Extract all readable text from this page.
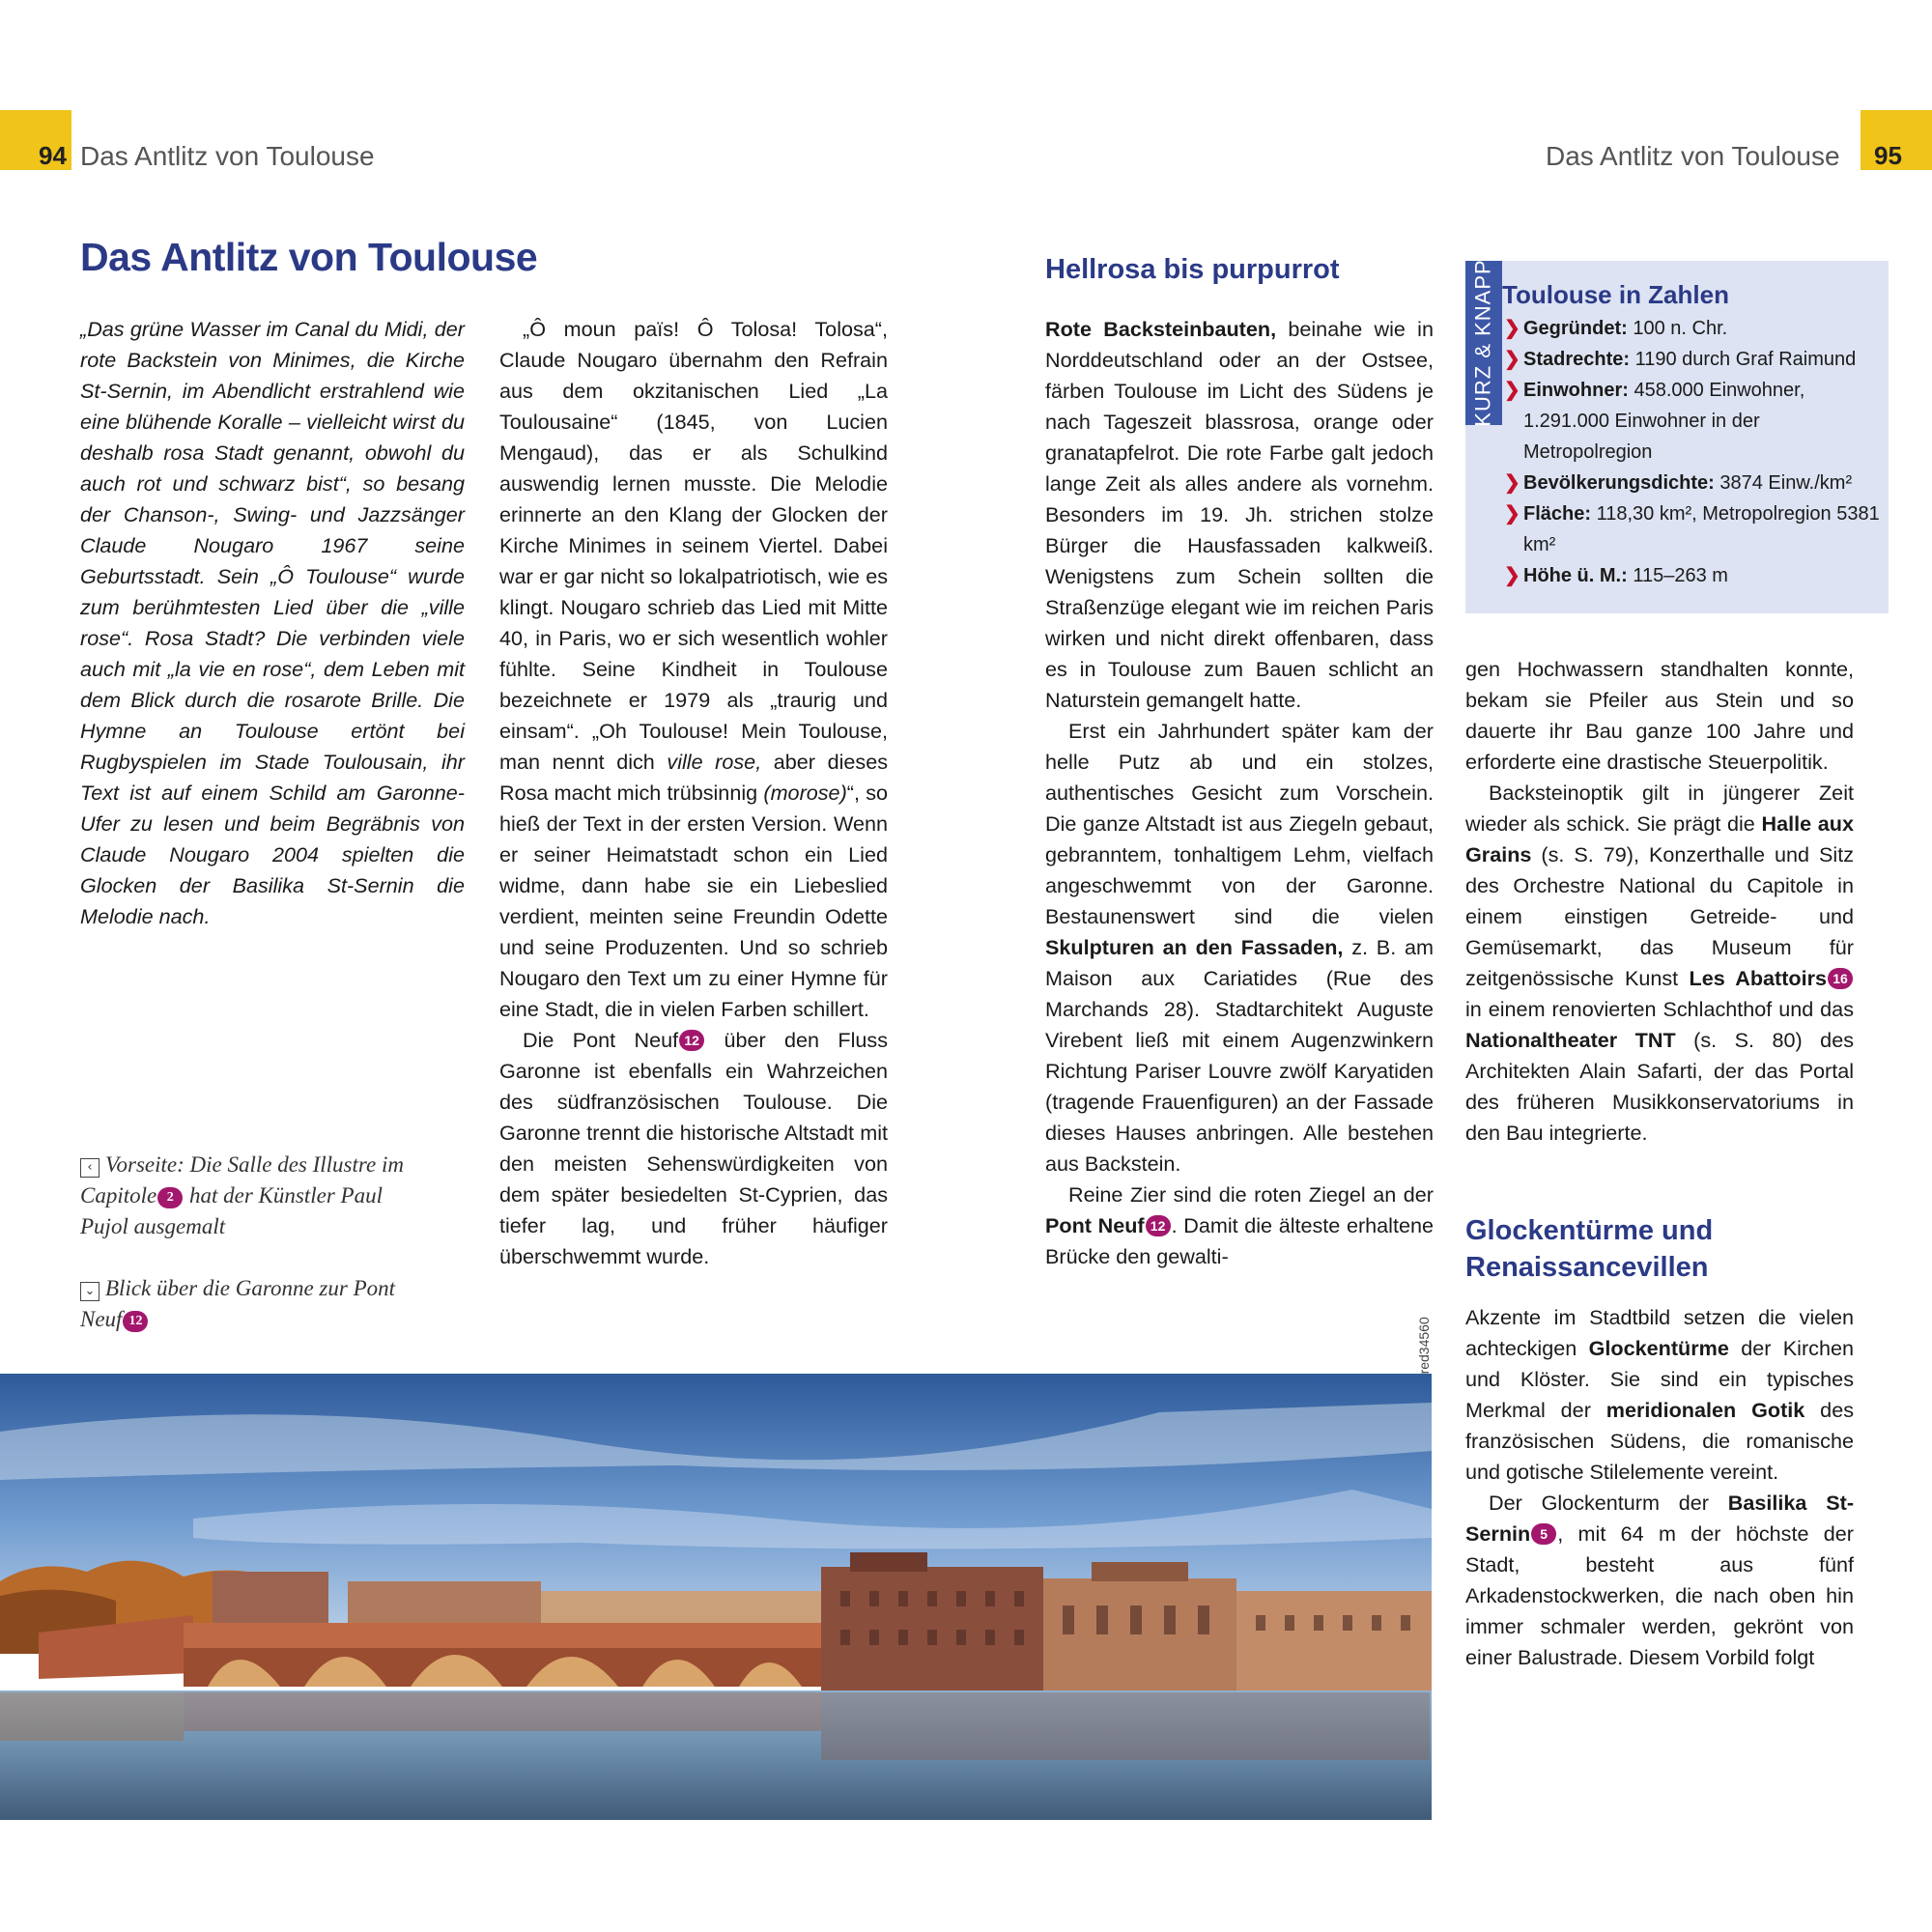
94 Das Antlitz von Toulouse	Das Antlitz von Toulouse 95
Das Antlitz von Toulouse

„Das grüne Wasser im Canal du Midi, der rote Backstein von Minimes, die Kirche St-Sernin, im Abendlicht erstrahlend wie eine blühende Koralle – vielleicht wirst du deshalb rosa Stadt genannt, obwohl du auch rot und schwarz bist“, so besang der Chanson-, Swing- und Jazzsänger Claude Nougaro 1967 seine Geburtsstadt. Sein „Ô Toulouse“ wurde zum berühmtesten Lied über die „ville rose“. Rosa Stadt? Die verbinden viele auch mit „la vie en rose“, dem Leben mit dem Blick durch die rosarote Brille. Die Hymne an Toulouse ertönt bei Rugbyspielen im Stade Toulousain, ihr Text ist auf einem Schild am Garonne-Ufer zu lesen und beim Begräbnis von Claude Nougaro 2004 spielten die Glocken der Basilika St-Sernin die Melodie nach.

‹ Vorseite: Die Salle des Illustre im Capitole 2 hat der Künstler Paul Pujol ausgemalt
⌄ Blick über die Garonne zur Pont Neuf 12

„Ô moun païs! Ô Tolosa! Tolosa“, Claude Nougaro übernahm den Refrain aus dem okzitanischen Lied „La Toulousaine“ (1845, von Lucien Mengaud), das er als Schulkind auswendig lernen musste. Die Melodie erinnerte an den Klang der Glocken der Kirche Minimes in seinem Viertel. Dabei war er gar nicht so lokalpatriotisch, wie es klingt. Nougaro schrieb das Lied mit Mitte 40, in Paris, wo er sich wesentlich wohler fühlte. Seine Kindheit in Toulouse bezeichnete er 1979 als „traurig und einsam“. „Oh Toulouse! Mein Toulouse, man nennt dich ville rose, aber dieses Rosa macht mich trübsinnig (morose)“, so hieß der Text in der ersten Version. Wenn er seiner Heimatstadt schon ein Lied widme, dann habe sie ein Liebeslied verdient, meinten seine Freundin Odette und seine Produzenten. Und so schrieb Nougaro den Text um zu einer Hymne für eine Stadt, die in vielen Farben schillert.

Die Pont Neuf 12 über den Fluss Garonne ist ebenfalls ein Wahrzeichen des südfranzösischen Toulouse. Die Garonne trennt die historische Altstadt mit den meisten Sehenswürdigkeiten von dem später besiedelten St-Cyprien, das tiefer lag, und früher häufiger überschwemmt wurde.

Hellrosa bis purpurrot

Rote Backsteinbauten, beinahe wie in Norddeutschland oder an der Ostsee, färben Toulouse im Licht des Südens je nach Tageszeit blassrosa, orange oder granatapfelrot. Die rote Farbe galt jedoch lange Zeit als alles andere als vornehm. Besonders im 19. Jh. strichen stolze Bürger die Hausfassaden kalkweiß. Wenigstens zum Schein sollten die Straßenzüge elegant wie im reichen Paris wirken und nicht direkt offenbaren, dass es in Toulouse zum Bauen schlicht an Naturstein gemangelt hatte.

Erst ein Jahrhundert später kam der helle Putz ab und ein stolzes, authentisches Gesicht zum Vorschein. Die ganze Altstadt ist aus Ziegeln gebaut, gebranntem, tonhaltigem Lehm, vielfach angeschwemmt von der Garonne. Bestaunenswert sind die vielen Skulpturen an den Fassaden, z. B. am Maison aux Cariatides (Rue des Marchands 28). Stadtarchitekt Auguste Virebent ließ mit einem Augenzwinkern Richtung Pariser Louvre zwölf Karyatiden (tragende Frauenfiguren) an der Fassade dieses Hauses anbringen. Alle bestehen aus Backstein.

Reine Zier sind die roten Ziegel an der Pont Neuf 12 . Damit die älteste erhaltene Brücke den gewalti-

KURZ & KNAPP Toulouse in Zahlen
❯ Gegründet: 100 n. Chr.
❯ Stadrechte: 1190 durch Graf Raimund
❯ Einwohner: 458.000 Einwohner, 1.291.000 Einwohner in der Metropolregion
❯ Bevölkerungsdichte: 3874 Einw./km²
❯ Fläche: 118,30 km², Metropolregion 5381 km²
❯ Höhe ü. M.: 115–263 m

gen Hochwassern standhalten konnte, bekam sie Pfeiler aus Stein und so dauerte ihr Bau ganze 100 Jahre und erforderte eine drastische Steuerpolitik.

Backsteinoptik gilt in jüngerer Zeit wieder als schick. Sie prägt die Halle aux Grains (s. S. 79), Konzerthalle und Sitz des Orchestre National du Capitole in einem einstigen Getreide- und Gemüsemarkt, das Museum für zeitgenössische Kunst Les Abattoirs 16 in einem renovierten Schlachthof und das Nationaltheater TNT (s. S. 80) des Architekten Alain Safarti, der das Portal des früheren Musikkonservatoriums in den Bau integrierte.

Glockentürme und Renaissancevillen

Akzente im Stadtbild setzen die vielen achteckigen Glockentürme der Kirchen und Klöster. Sie sind ein typisches Merkmal der meridionalen Gotik des französischen Südens, die romanische und gotische Stilelemente vereint.

Der Glockenturm der Basilika St-Sernin 5 , mit 64 m der höchste der Stadt, besteht aus fünf Arkadenstockwerken, die nach oben hin immer schmaler werden, gekrönt von einer Balustrade. Diesem Vorbild folgt
